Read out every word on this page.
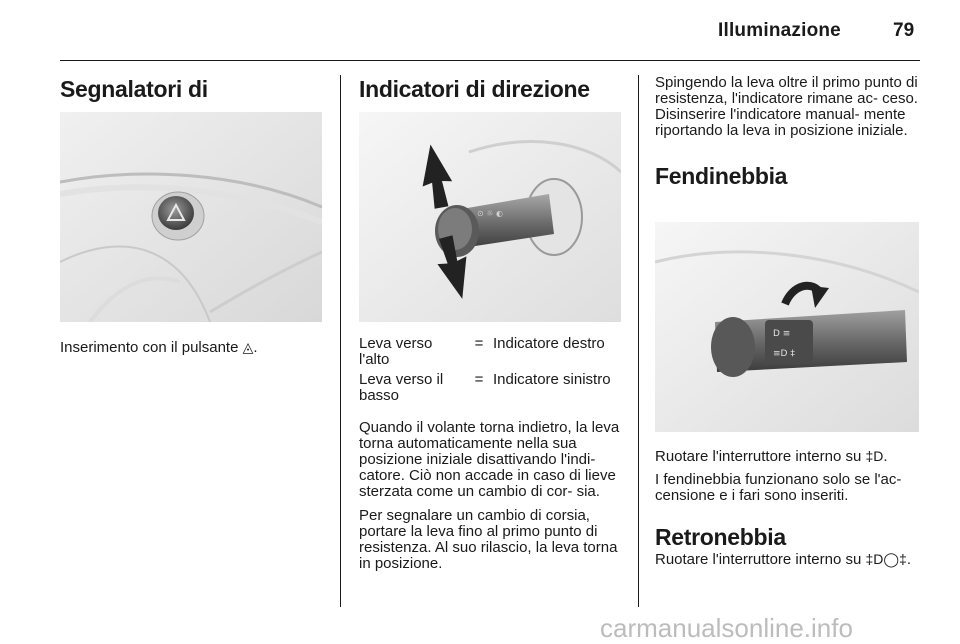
Illuminazione	79
Segnalatori di

Inserimento con il pulsante ◬.

Indicatori di direzione
⊙ ☼ ◐
Leva verso l'alto	=	Indicatore destro
Leva verso il basso	=	Indicatore sinistro

Quando il volante torna indietro, la leva torna automaticamente nella sua posizione iniziale disattivando l'indi- catore. Ciò non accade in caso di lieve sterzata come un cambio di cor- sia.

Per segnalare un cambio di corsia, portare la leva fino al primo punto di resistenza. Al suo rilascio, la leva torna in posizione.

Spingendo la leva oltre il primo punto di resistenza, l'indicatore rimane ac- ceso. Disinserire l'indicatore manual- mente riportando la leva in posizione iniziale.

Fendinebbia
D ≡
≡D ‡

Ruotare l'interruttore interno su ‡D.

I fendinebbia funzionano solo se l'ac- censione e i fari sono inseriti.

Retronebbia

Ruotare l'interruttore interno su ‡D◯‡.

carmanualsonline.info
